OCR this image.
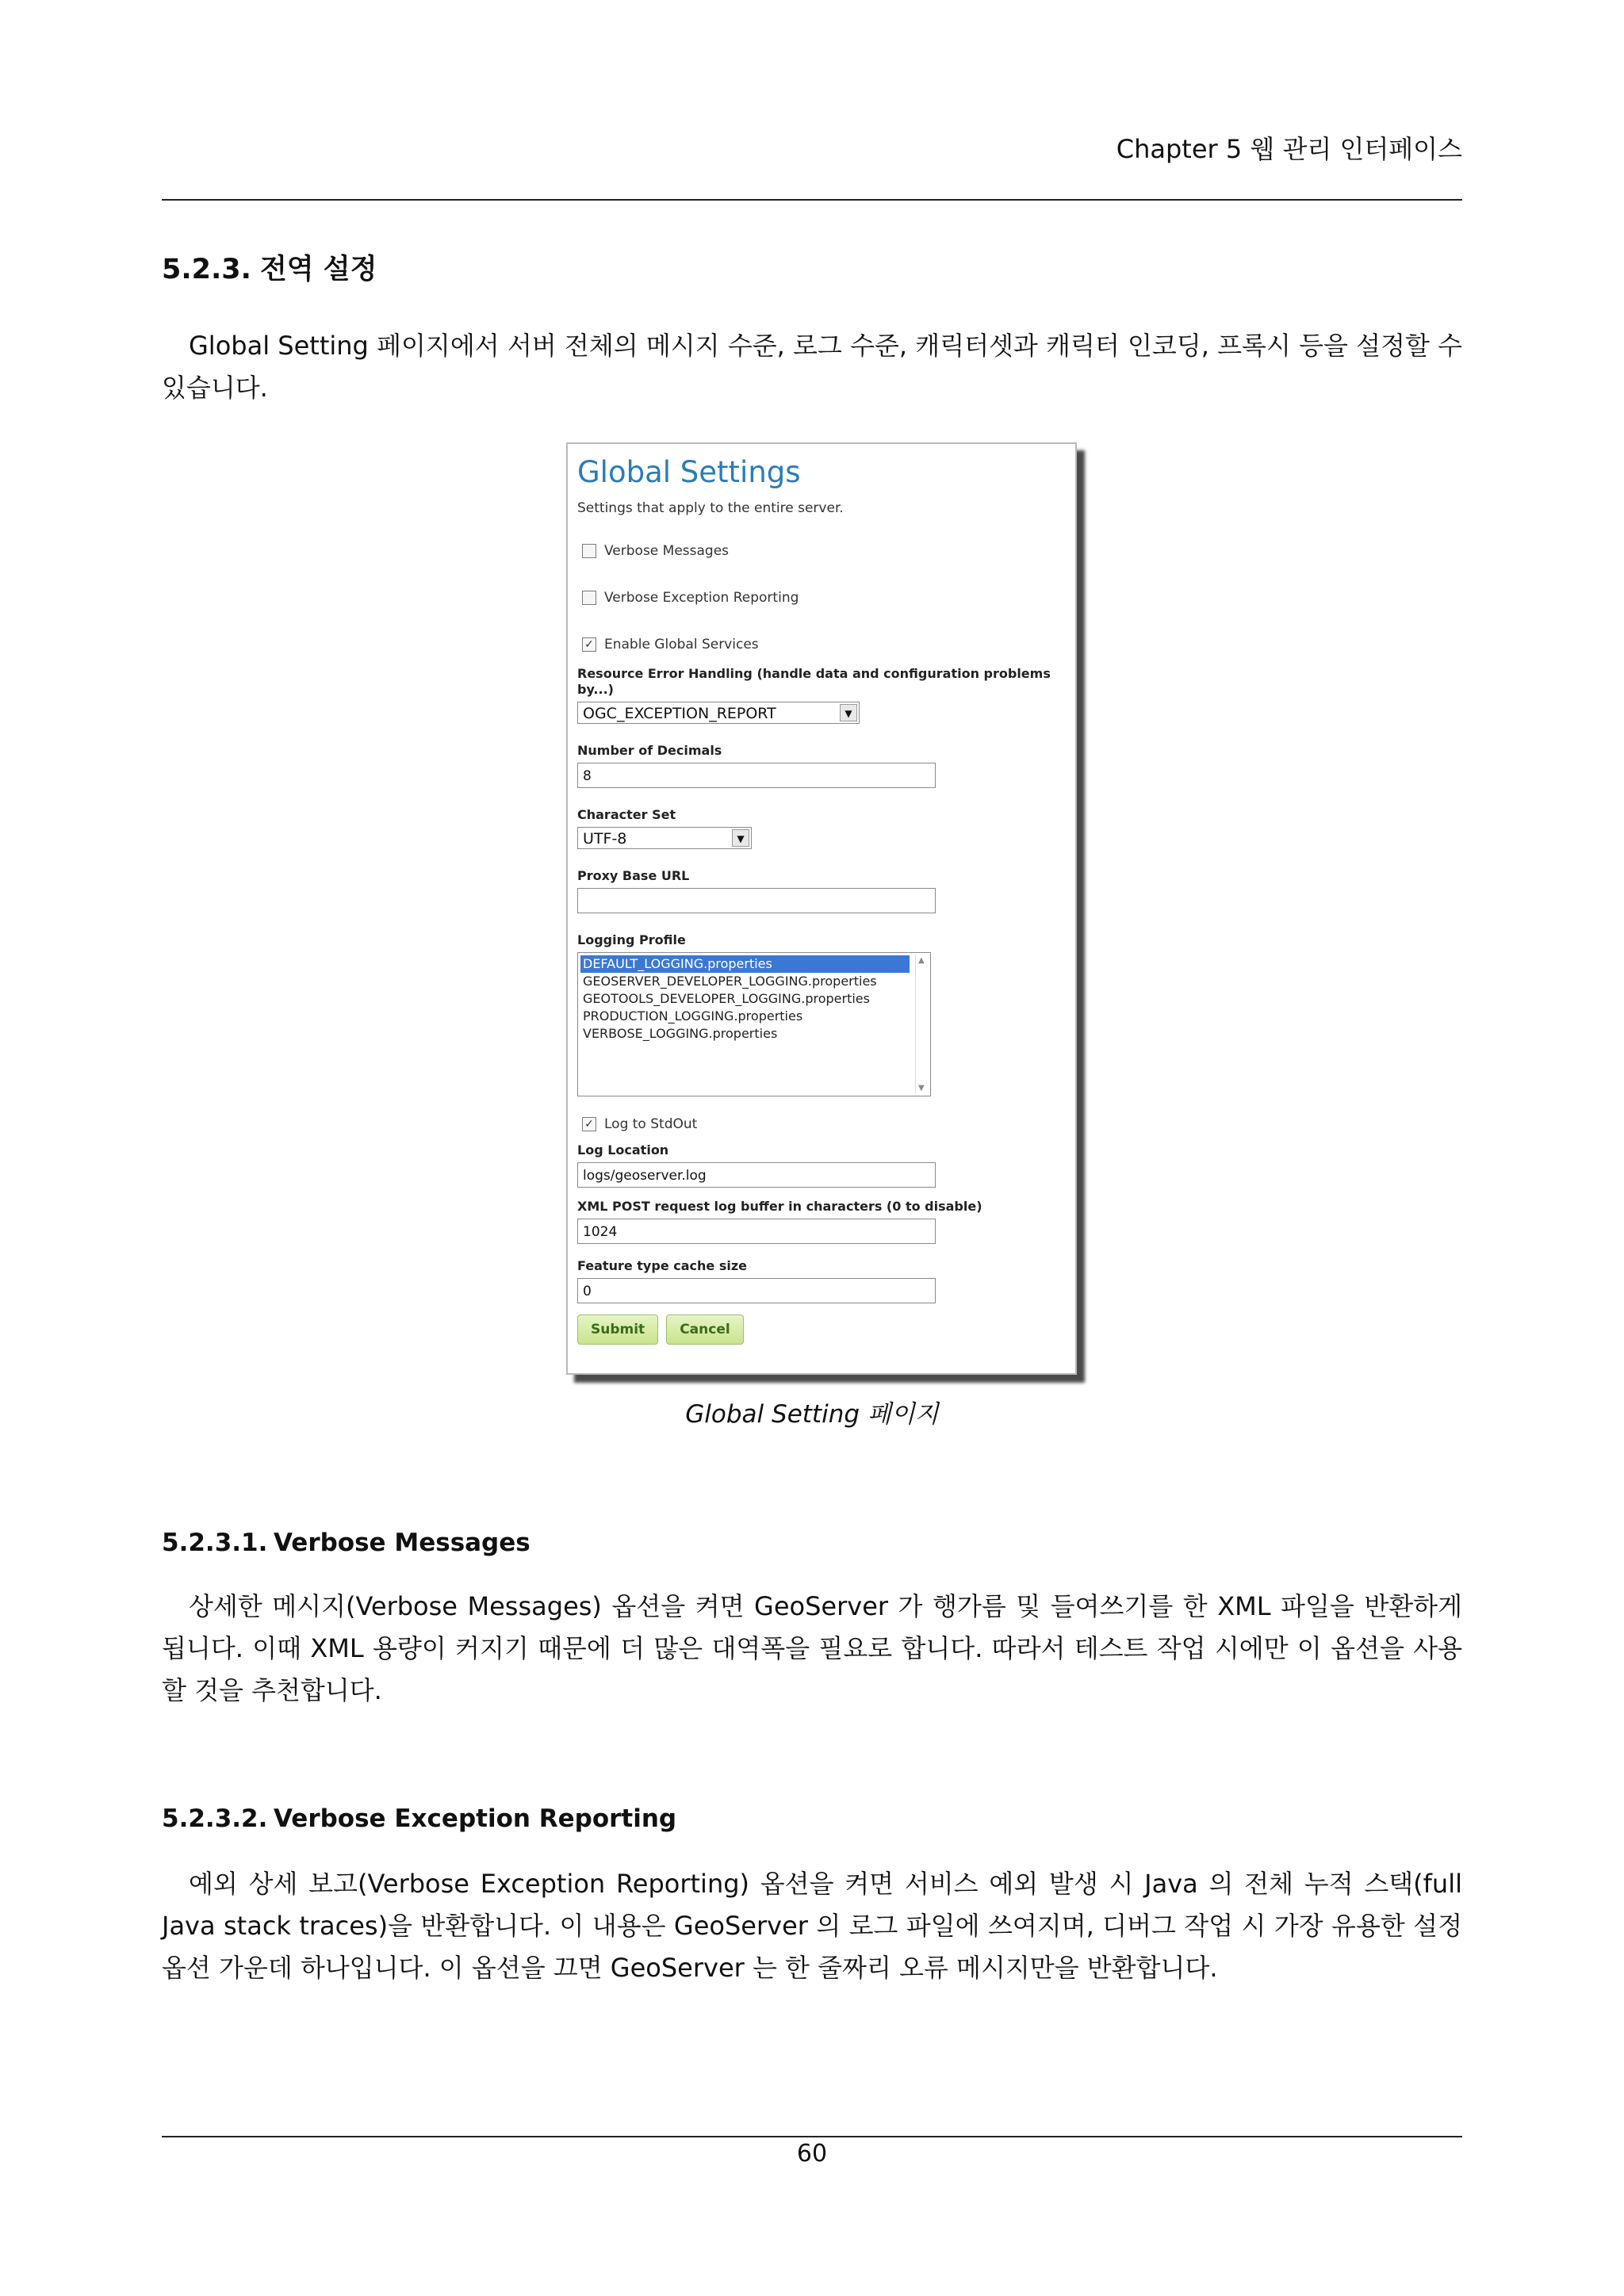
Chapter 5 웹 관리 인터페이스
5.2.3. 전역 설정
Global Setting 페이지에서 서버 전체의 메시지 수준, 로그 수준, 캐릭터셋과 캐릭터 인코딩, 프록시 등을 설정할 수 있습니다.
Global Settings
Settings that apply to the entire server.
Verbose Messages
Verbose Exception Reporting
✓ Enable Global Services
Resource Error Handling (handle data and configuration problems by...)
OGC_EXCEPTION_REPORT	▼
Number of Decimals
8
Character Set
UTF-8	▼
Proxy Base URL
Logging Profile
DEFAULT_LOGGING.properties
GEOSERVER_DEVELOPER_LOGGING.properties
GEOTOOLS_DEVELOPER_LOGGING.properties
PRODUCTION_LOGGING.properties
VERBOSE_LOGGING.properties
▲
▼
✓ Log to StdOut
Log Location
logs/geoserver.log
XML POST request log buffer in characters (0 to disable)
1024
Feature type cache size
0
Submit	Cancel
Global Setting 페이지
5.2.3.1. Verbose Messages
상세한 메시지(Verbose Messages) 옵션을 켜면 GeoServer 가 행가름 및 들여쓰기를 한 XML 파일을 반환하게 됩니다. 이때 XML 용량이 커지기 때문에 더 많은 대역폭을 필요로 합니다. 따라서 테스트 작업 시에만 이 옵션을 사용할 것을 추천합니다.
5.2.3.2. Verbose Exception Reporting
예외 상세 보고(Verbose Exception Reporting) 옵션을 켜면 서비스 예외 발생 시 Java 의 전체 누적 스택(full Java stack traces)을 반환합니다. 이 내용은 GeoServer 의 로그 파일에 쓰여지며, 디버그 작업 시 가장 유용한 설정 옵션 가운데 하나입니다. 이 옵션을 끄면 GeoServer 는 한 줄짜리 오류 메시지만을 반환합니다.
60
